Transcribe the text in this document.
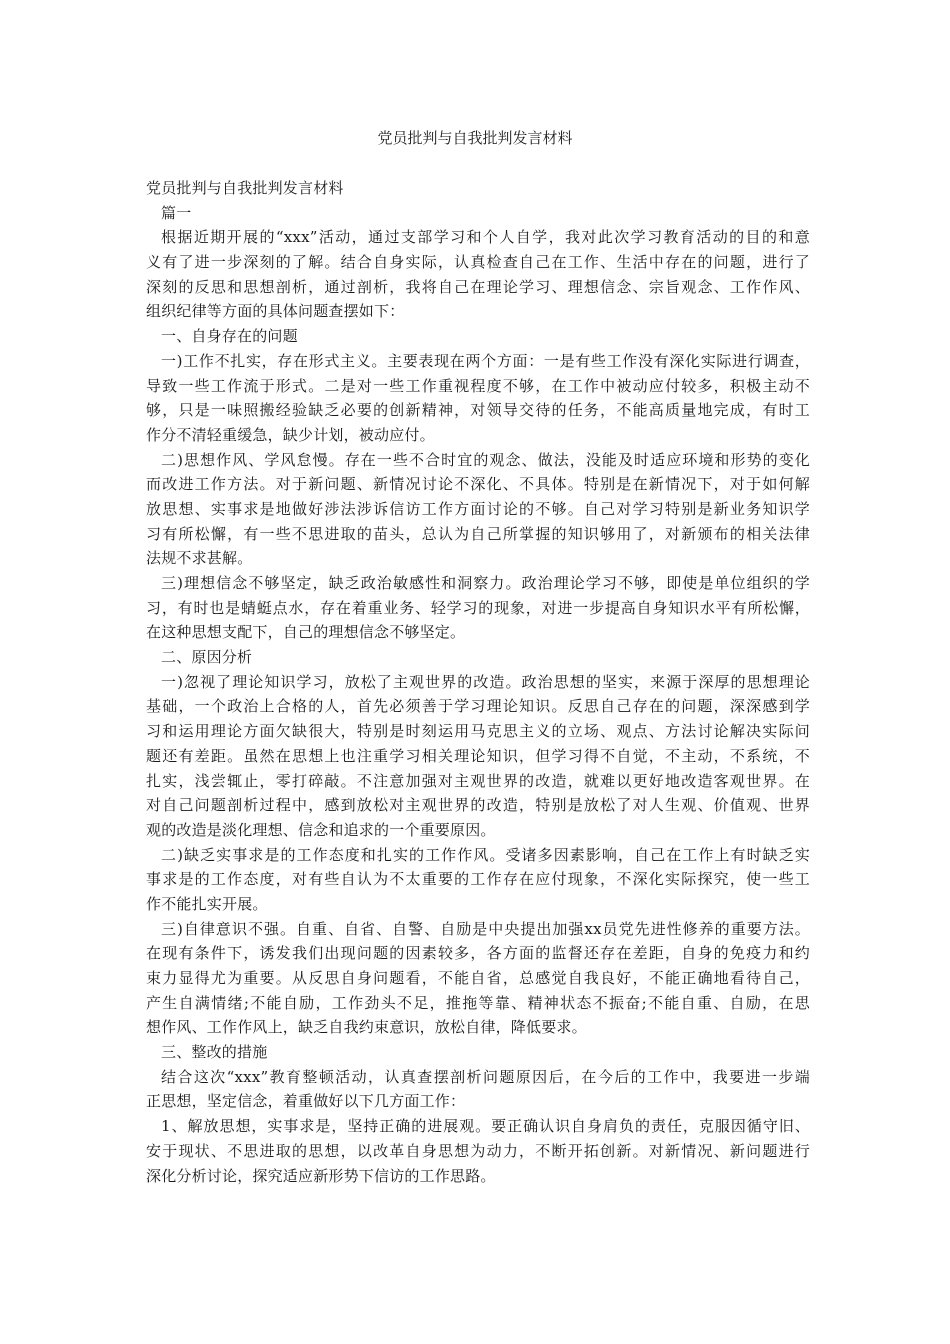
党员批判与自我批判发言材料
党员批判与自我批判发言材料
篇一
根据近期开展的“xxx”活动，通过支部学习和个人自学，我对此次学习教育活动的目的和意
义有了进一步深刻的了解。结合自身实际，认真检查自己在工作、生活中存在的问题，进行了
深刻的反思和思想剖析，通过剖析，我将自己在理论学习、理想信念、宗旨观念、工作作风、
组织纪律等方面的具体问题查摆如下：
一、自身存在的问题
一)工作不扎实，存在形式主义。主要表现在两个方面：一是有些工作没有深化实际进行调查，
导致一些工作流于形式。二是对一些工作重视程度不够，在工作中被动应付较多，积极主动不
够，只是一味照搬经验缺乏必要的创新精神，对领导交待的任务，不能高质量地完成，有时工
作分不清轻重缓急，缺少计划，被动应付。
二)思想作风、学风怠慢。存在一些不合时宜的观念、做法，没能及时适应环境和形势的变化
而改进工作方法。对于新问题、新情况讨论不深化、不具体。特别是在新情况下，对于如何解
放思想、实事求是地做好涉法涉诉信访工作方面讨论的不够。自己对学习特别是新业务知识学
习有所松懈，有一些不思进取的苗头，总认为自己所掌握的知识够用了，对新颁布的相关法律
法规不求甚解。
三)理想信念不够坚定，缺乏政治敏感性和洞察力。政治理论学习不够，即使是单位组织的学
习，有时也是蜻蜓点水，存在着重业务、轻学习的现象，对进一步提高自身知识水平有所松懈，
在这种思想支配下，自己的理想信念不够坚定。
二、原因分析
一)忽视了理论知识学习，放松了主观世界的改造。政治思想的坚实，来源于深厚的思想理论
基础，一个政治上合格的人，首先必须善于学习理论知识。反思自己存在的问题，深深感到学
习和运用理论方面欠缺很大，特别是时刻运用马克思主义的立场、观点、方法讨论解决实际问
题还有差距。虽然在思想上也注重学习相关理论知识，但学习得不自觉，不主动，不系统，不
扎实，浅尝辄止，零打碎敲。不注意加强对主观世界的改造，就难以更好地改造客观世界。在
对自己问题剖析过程中，感到放松对主观世界的改造，特别是放松了对人生观、价值观、世界
观的改造是淡化理想、信念和追求的一个重要原因。
二)缺乏实事求是的工作态度和扎实的工作作风。受诸多因素影响，自己在工作上有时缺乏实
事求是的工作态度，对有些自认为不太重要的工作存在应付现象，不深化实际探究，使一些工
作不能扎实开展。
三)自律意识不强。自重、自省、自警、自励是中央提出加强xx员党先进性修养的重要方法。
在现有条件下，诱发我们出现问题的因素较多，各方面的监督还存在差距，自身的免疫力和约
束力显得尤为重要。从反思自身问题看，不能自省，总感觉自我良好，不能正确地看待自己，
产生自满情绪;不能自励，工作劲头不足，推拖等靠、精神状态不振奋;不能自重、自励，在思
想作风、工作作风上，缺乏自我约束意识，放松自律，降低要求。
三、整改的措施
结合这次“xxx”教育整顿活动，认真查摆剖析问题原因后，在今后的工作中，我要进一步端
正思想，坚定信念，着重做好以下几方面工作：
1、解放思想，实事求是，坚持正确的进展观。要正确认识自身肩负的责任，克服因循守旧、
安于现状、不思进取的思想，以改革自身思想为动力，不断开拓创新。对新情况、新问题进行
深化分析讨论，探究适应新形势下信访的工作思路。
